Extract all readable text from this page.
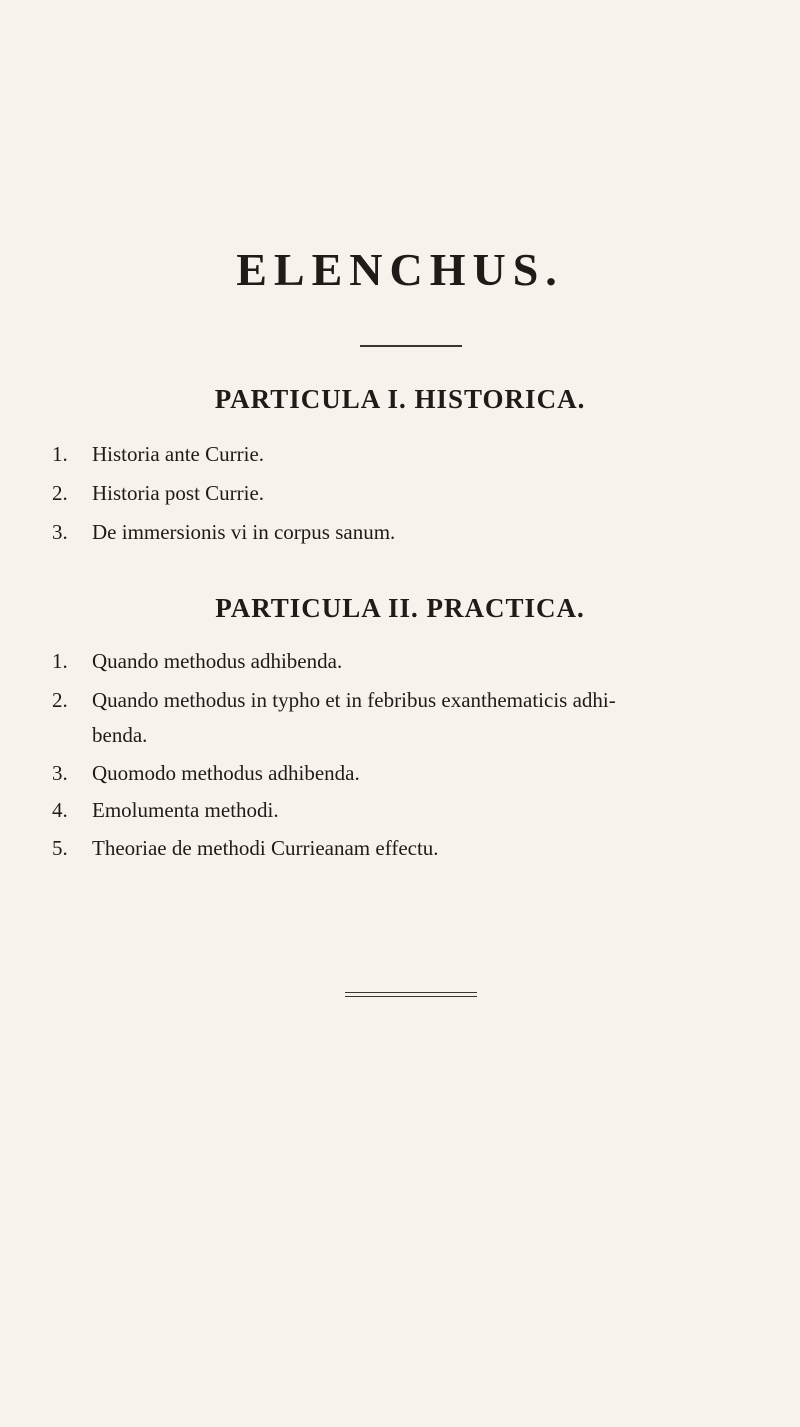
ELENCHUS.
PARTICULA I. HISTORICA.
1.	Historia ante Currie.
2.	Historia post Currie.
3.	De immersionis vi in corpus sanum.
PARTICULA II. PRACTICA.
1.	Quando methodus adhibenda.
2.	Quando methodus in typho et in febribus exanthematicis adhi-
benda.
3.	Quomodo methodus adhibenda.
4.	Emolumenta methodi.
5.	Theoriae de methodi Currieanam effectu.
